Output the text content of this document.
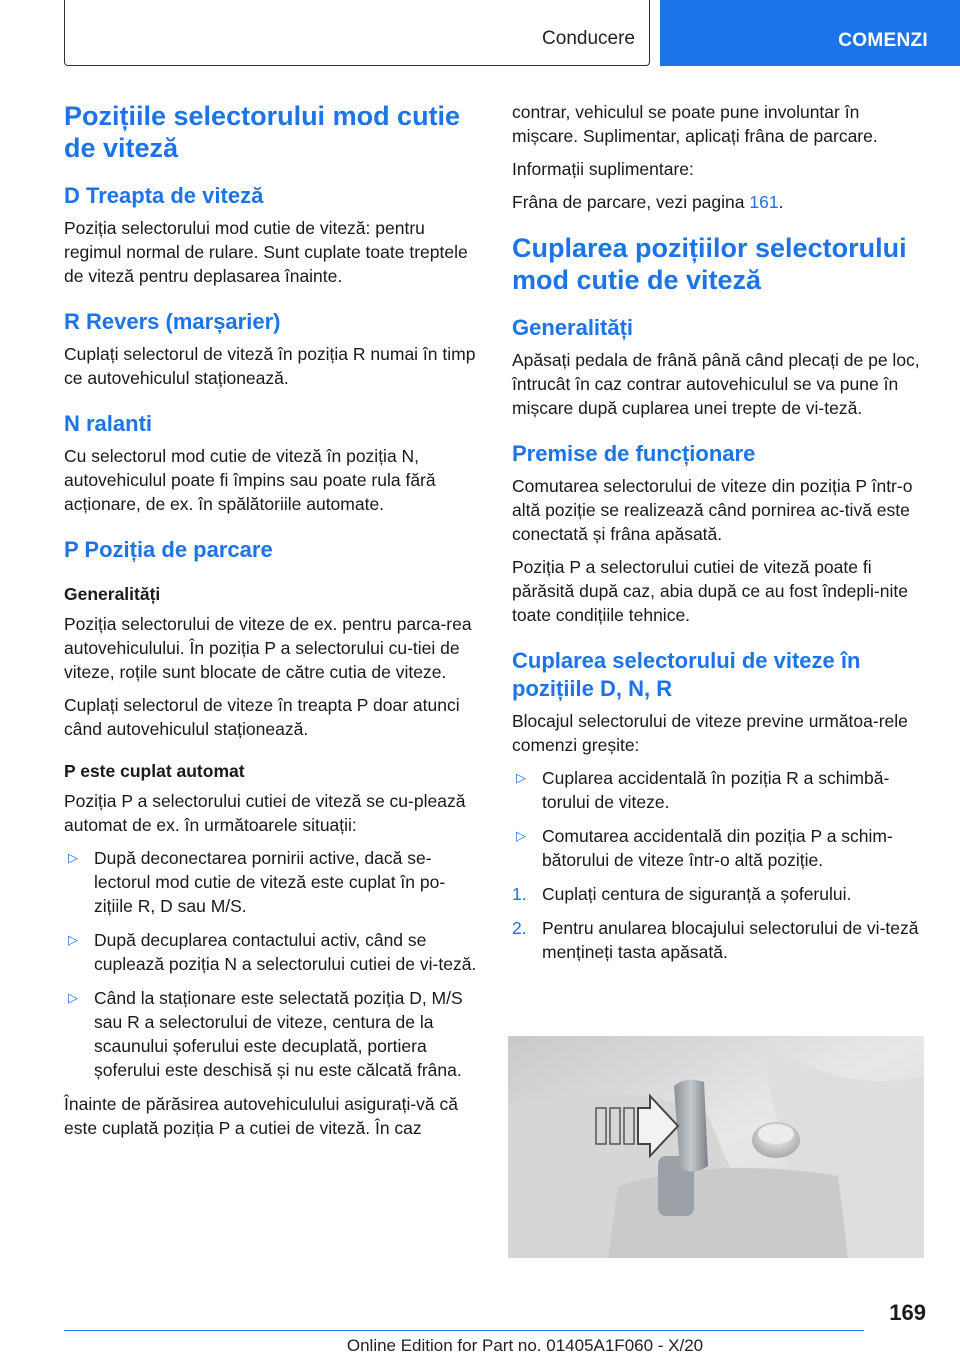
Conducere	COMENZI
Pozițiile selectorului mod cutie de viteză
D Treapta de viteză

Poziția selectorului mod cutie de viteză: pentru regimul normal de rulare. Sunt cuplate toate treptele de viteză pentru deplasarea înainte.

R Revers (marșarier)

Cuplați selectorul de viteză în poziția R numai în timp ce autovehiculul staționează.

N ralanti

Cu selectorul mod cutie de viteză în poziția N, autovehiculul poate fi împins sau poate rula fără acționare, de ex. în spălătoriile automate.

P Poziția de parcare
Generalități

Poziția selectorului de viteze de ex. pentru parca-rea autovehiculului. În poziția P a selectorului cu-tiei de viteze, roțile sunt blocate de către cutia de viteze.

Cuplați selectorul de viteze în treapta P doar atunci când autovehiculul staționează.

P este cuplat automat

Poziția P a selectorului cutiei de viteză se cu-plează automat de ex. în următoarele situații:

▷ După deconectarea pornirii active, dacă se-lectorul mod cutie de viteză este cuplat în po-zițiile R, D sau M/S.
▷ După decuplarea contactului activ, când se cuplează poziția N a selectorului cutiei de vi-teză.
▷ Când la staționare este selectată poziția D, M/S sau R a selectorului de viteze, centura de la scaunului șoferului este decuplată, portiera șoferului este deschisă și nu este călcată frâna.

Înainte de părăsirea autovehiculului asigurați-vă că este cuplată poziția P a cutiei de viteză. În caz

contrar, vehiculul se poate pune involuntar în mișcare. Suplimentar, aplicați frâna de parcare.

Informații suplimentare:

Frâna de parcare, vezi pagina 161.

Cuplarea pozițiilor selectorului mod cutie de viteză
Generalități

Apăsați pedala de frână până când plecați de pe loc, întrucât în caz contrar autovehiculul se va pune în mișcare după cuplarea unei trepte de vi-teză.

Premise de funcționare

Comutarea selectorului de viteze din poziția P într-o altă poziție se realizează când pornirea ac-tivă este conectată și frâna apăsată.

Poziția P a selectorului cutiei de viteză poate fi părăsită după caz, abia după ce au fost îndepli-nite toate condițiile tehnice.

Cuplarea selectorului de viteze în pozițiile D, N, R

Blocajul selectorului de viteze previne următoa-rele comenzi greșite:

▷ Cuplarea accidentală în poziția R a schimbă-torului de viteze.
▷ Comutarea accidentală din poziția P a schim-bătorului de viteze într-o altă poziție.
1. Cuplați centura de siguranță a șoferului.
2. Pentru anularea blocajului selectorului de vi-teză mențineți tasta apăsată.
169
Online Edition for Part no. 01405A1F060 - X/20
